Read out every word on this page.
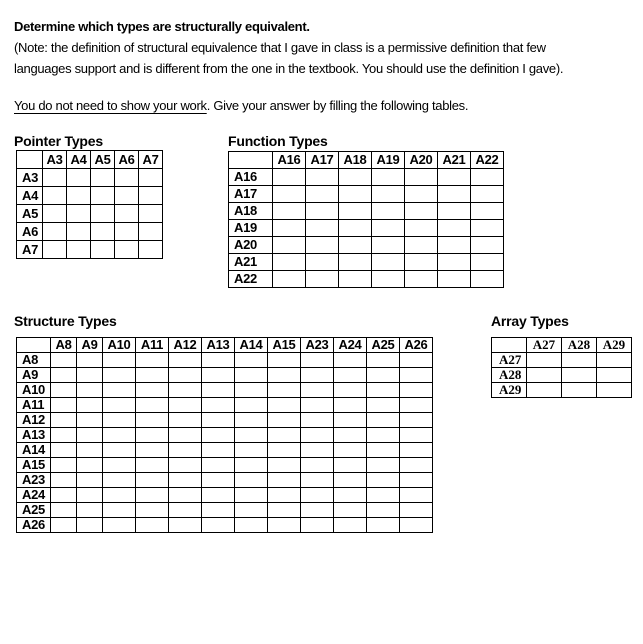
Determine which types are structurally equivalent.

(Note: the definition of structural equivalence that I gave in class is a permissive definition that few

languages support and is different from the one in the textbook. You should use the definition I gave).

You do not need to show your work. Give your answer by filling the following tables.

Pointer Types
	A3	A4	A5	A6	A7
A3					
A4					
A5					
A6					
A7					
Function Types
	A16	A17	A18	A19	A20	A21	A22
A16							
A17							
A18							
A19							
A20							
A21							
A22							
Structure Types
	A8	A9	A10	A11	A12	A13	A14	A15	A23	A24	A25	A26
A8												
A9												
A10												
A11												
A12												
A13												
A14												
A15												
A23												
A24												
A25												
A26												
Array Types
	A27	A28	A29
A27			
A28			
A29			
